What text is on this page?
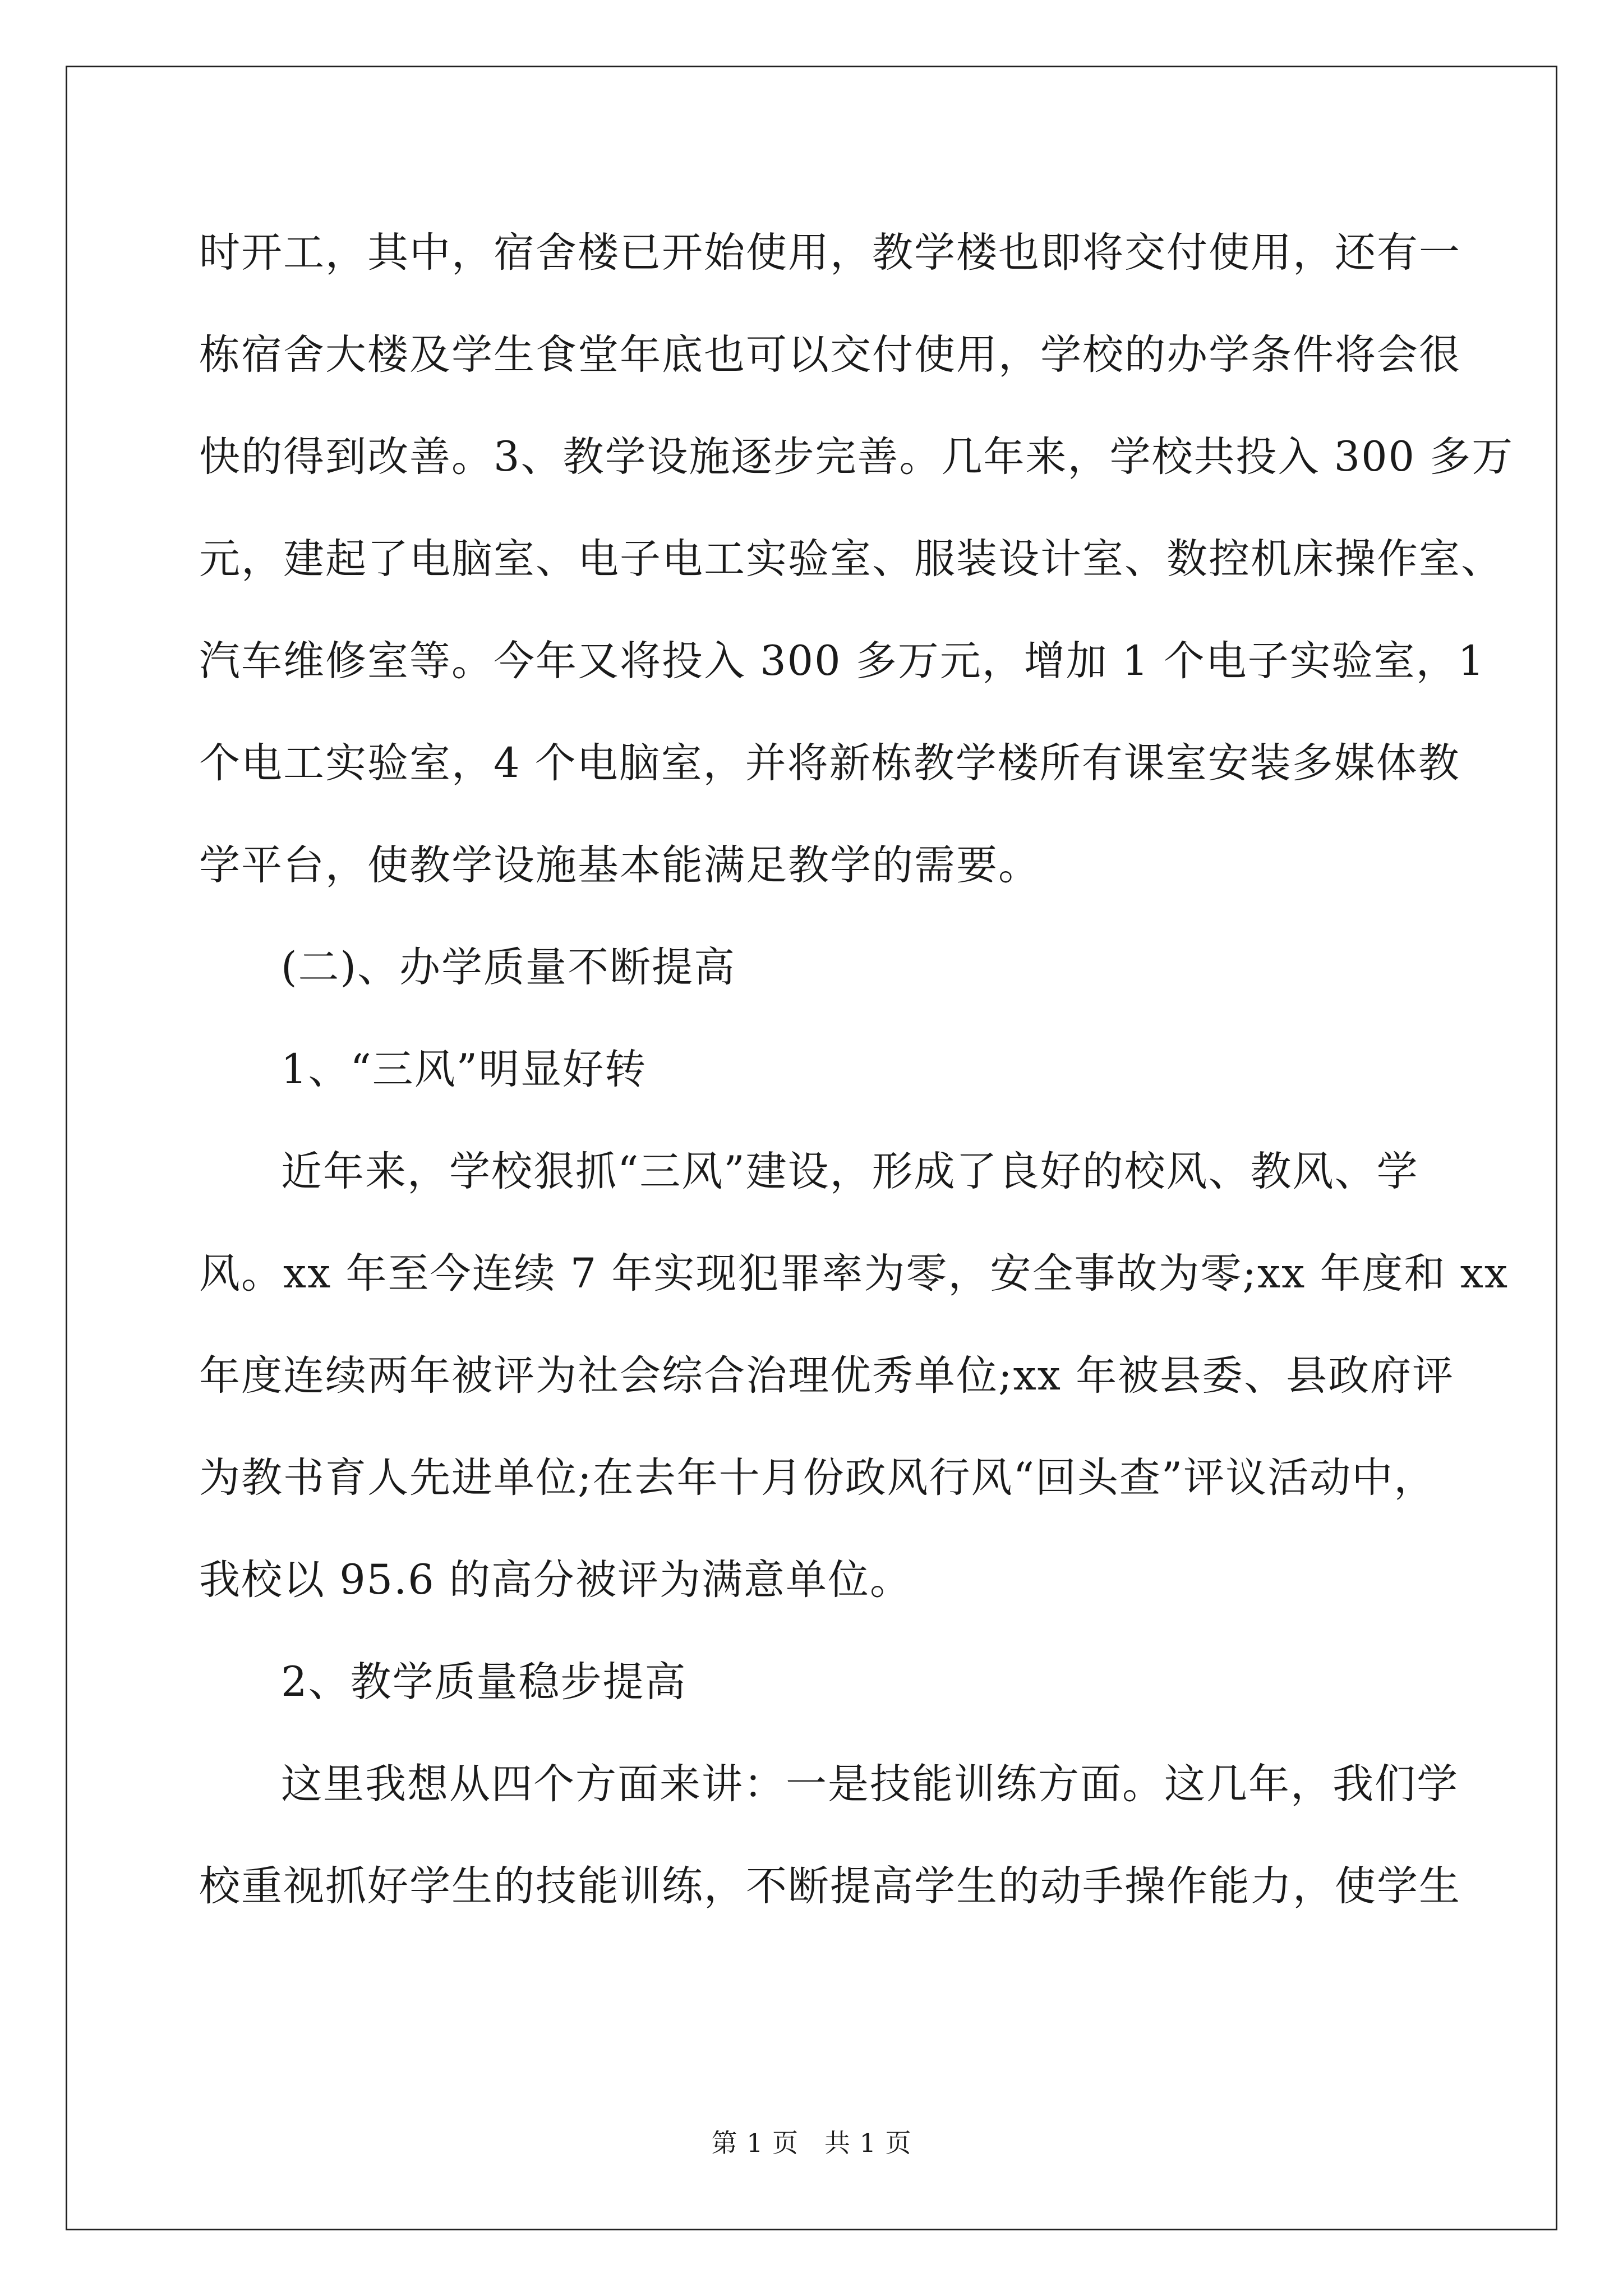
时开工，其中，宿舍楼已开始使用，教学楼也即将交付使用，还有一
栋宿舍大楼及学生食堂年底也可以交付使用，学校的办学条件将会很
快的得到改善。3、教学设施逐步完善。几年来，学校共投入 300 多万
元，建起了电脑室、电子电工实验室、服装设计室、数控机床操作室、
汽车维修室等。今年又将投入 300 多万元，增加 1 个电子实验室，1
个电工实验室，4 个电脑室，并将新栋教学楼所有课室安装多媒体教
学平台，使教学设施基本能满足教学的需要。
(二)、办学质量不断提高
1、“三风”明显好转
近年来，学校狠抓“三风”建设，形成了良好的校风、教风、学
风。xx 年至今连续 7 年实现犯罪率为零，安全事故为零;xx 年度和 xx
年度连续两年被评为社会综合治理优秀单位;xx 年被县委、县政府评
为教书育人先进单位;在去年十月份政风行风“回头查”评议活动中，
我校以 95.6 的高分被评为满意单位。
2、教学质量稳步提高
这里我想从四个方面来讲：一是技能训练方面。这几年，我们学
校重视抓好学生的技能训练，不断提高学生的动手操作能力，使学生
第 1 页 共 1 页
